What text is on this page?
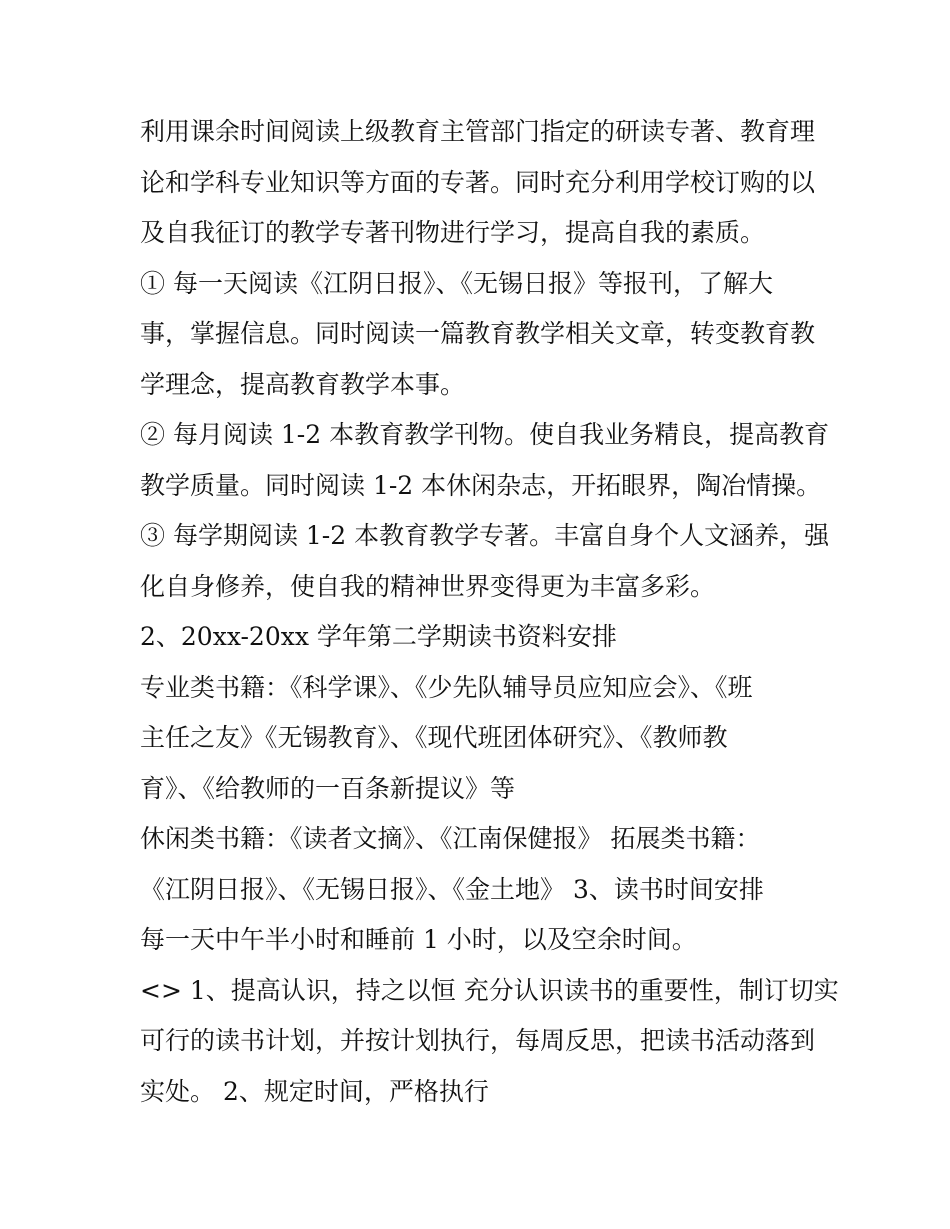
利用课余时间阅读上级教育主管部门指定的研读专著、教育理
论和学科专业知识等方面的专著。同时充分利用学校订购的以
及自我征订的教学专著刊物进行学习，提高自我的素质。
① 每一天阅读《江阴日报》、《无锡日报》等报刊，了解大
事，掌握信息。同时阅读一篇教育教学相关文章，转变教育教
学理念，提高教育教学本事。
② 每月阅读 1-2 本教育教学刊物。使自我业务精良，提高教育
教学质量。同时阅读 1-2 本休闲杂志，开拓眼界，陶冶情操。
③ 每学期阅读 1-2 本教育教学专著。丰富自身个人文涵养，强
化自身修养，使自我的精神世界变得更为丰富多彩。
2、20xx-20xx 学年第二学期读书资料安排
专业类书籍：《科学课》、《少先队辅导员应知应会》、《班
主任之友》《无锡教育》、《现代班团体研究》、《教师教
育》、《给教师的一百条新提议》等
休闲类书籍：《读者文摘》、《江南保健报》 拓展类书籍：
《江阴日报》、《无锡日报》、《金土地》 3、读书时间安排
每一天中午半小时和睡前 1 小时，以及空余时间。
<> 1、提高认识，持之以恒 充分认识读书的重要性，制订切实
可行的读书计划，并按计划执行，每周反思，把读书活动落到
实处。 2、规定时间，严格执行
